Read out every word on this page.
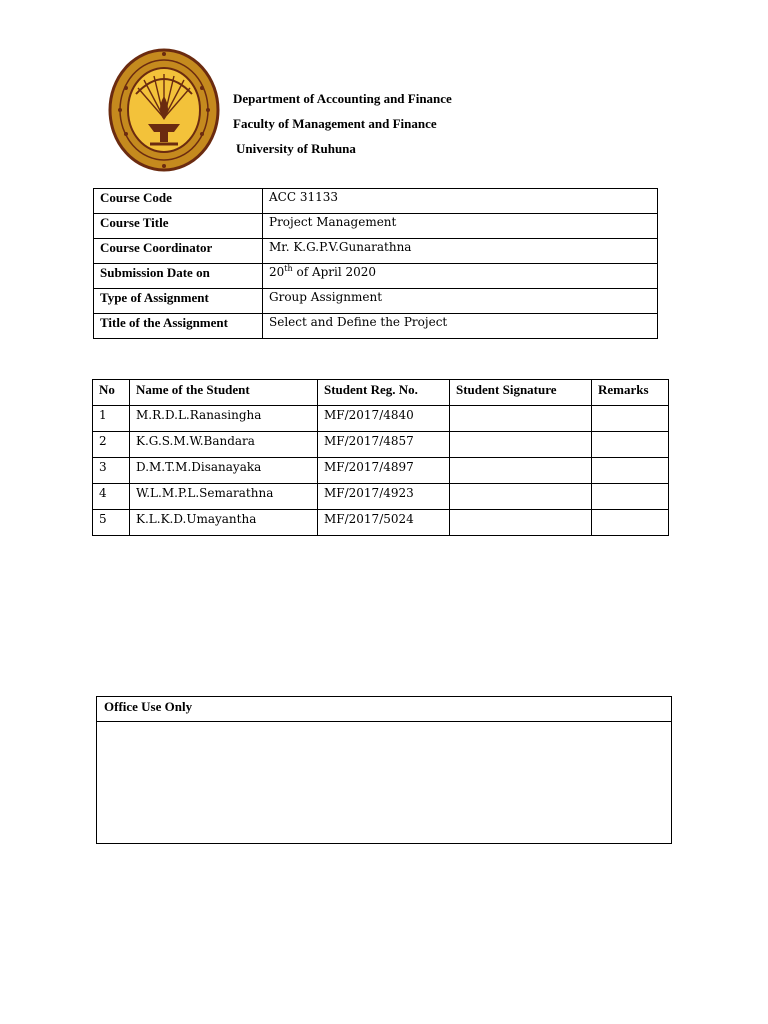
Department of Accounting and Finance
Faculty of Management and Finance
University of Ruhuna
Course Code	ACC 31133
Course Title	Project Management
Course Coordinator	Mr. K.G.P.V.Gunarathna
Submission Date on	20th of April 2020
Type of Assignment	Group Assignment
Title of the Assignment	Select and Define the Project
No	Name of the Student	Student Reg. No.	Student Signature	Remarks
1	M.R.D.L.Ranasingha	MF/2017/4840		
2	K.G.S.M.W.Bandara	MF/2017/4857		
3	D.M.T.M.Disanayaka	MF/2017/4897		
4	W.L.M.P.L.Semarathna	MF/2017/4923		
5	K.L.K.D.Umayantha	MF/2017/5024		
Office Use Only
